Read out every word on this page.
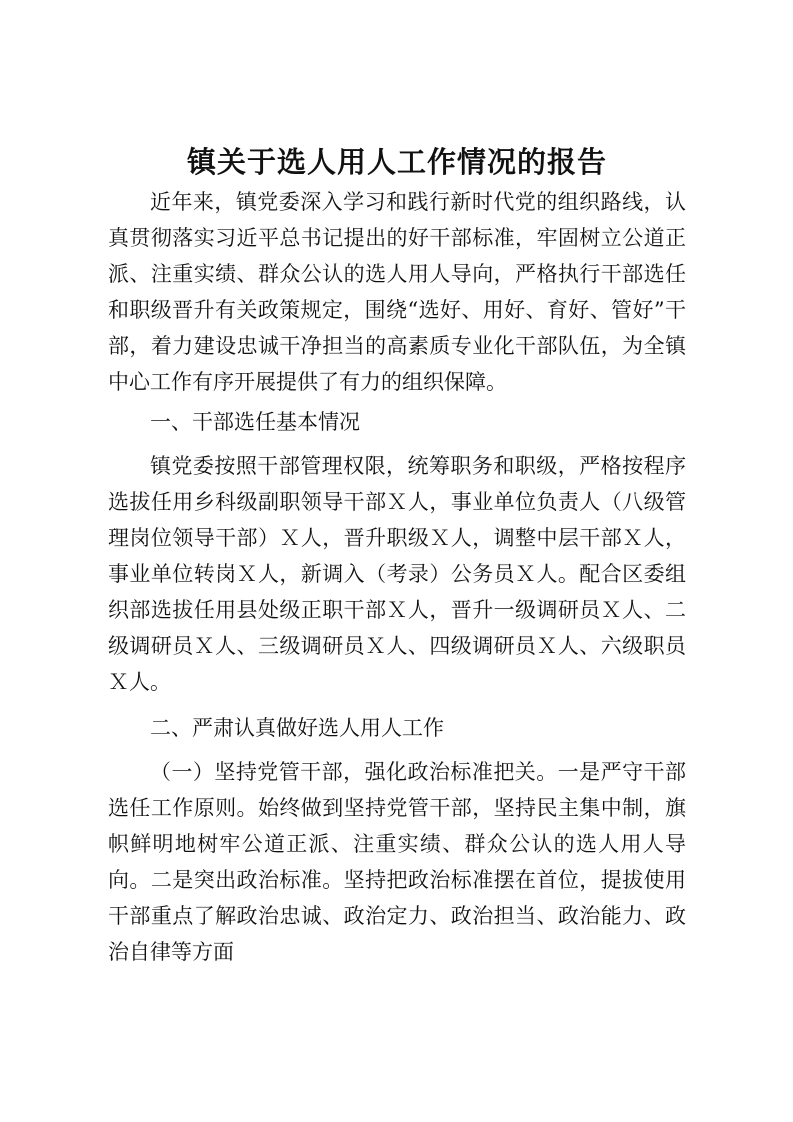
镇关于选人用人工作情况的报告

近年来，镇党委深入学习和践行新时代党的组织路线，认真贯彻落实习近平总书记提出的好干部标准，牢固树立公道正派、注重实绩、群众公认的选人用人导向，严格执行干部选任和职级晋升有关政策规定，围绕“选好、用好、育好、管好”干部，着力建设忠诚干净担当的高素质专业化干部队伍，为全镇中心工作有序开展提供了有力的组织保障。

一、干部选任基本情况

镇党委按照干部管理权限，统筹职务和职级，严格按程序选拔任用乡科级副职领导干部Ｘ人，事业单位负责人（八级管理岗位领导干部）Ｘ人，晋升职级Ｘ人，调整中层干部Ｘ人，事业单位转岗Ｘ人，新调入（考录）公务员Ｘ人。配合区委组织部选拔任用县处级正职干部Ｘ人，晋升一级调研员Ｘ人、二级调研员Ｘ人、三级调研员Ｘ人、四级调研员Ｘ人、六级职员Ｘ人。

二、严肃认真做好选人用人工作

（一）坚持党管干部，强化政治标准把关。一是严守干部选任工作原则。始终做到坚持党管干部，坚持民主集中制，旗帜鲜明地树牢公道正派、注重实绩、群众公认的选人用人导向。二是突出政治标准。坚持把政治标准摆在首位，提拔使用干部重点了解政治忠诚、政治定力、政治担当、政治能力、政治自律等方面
